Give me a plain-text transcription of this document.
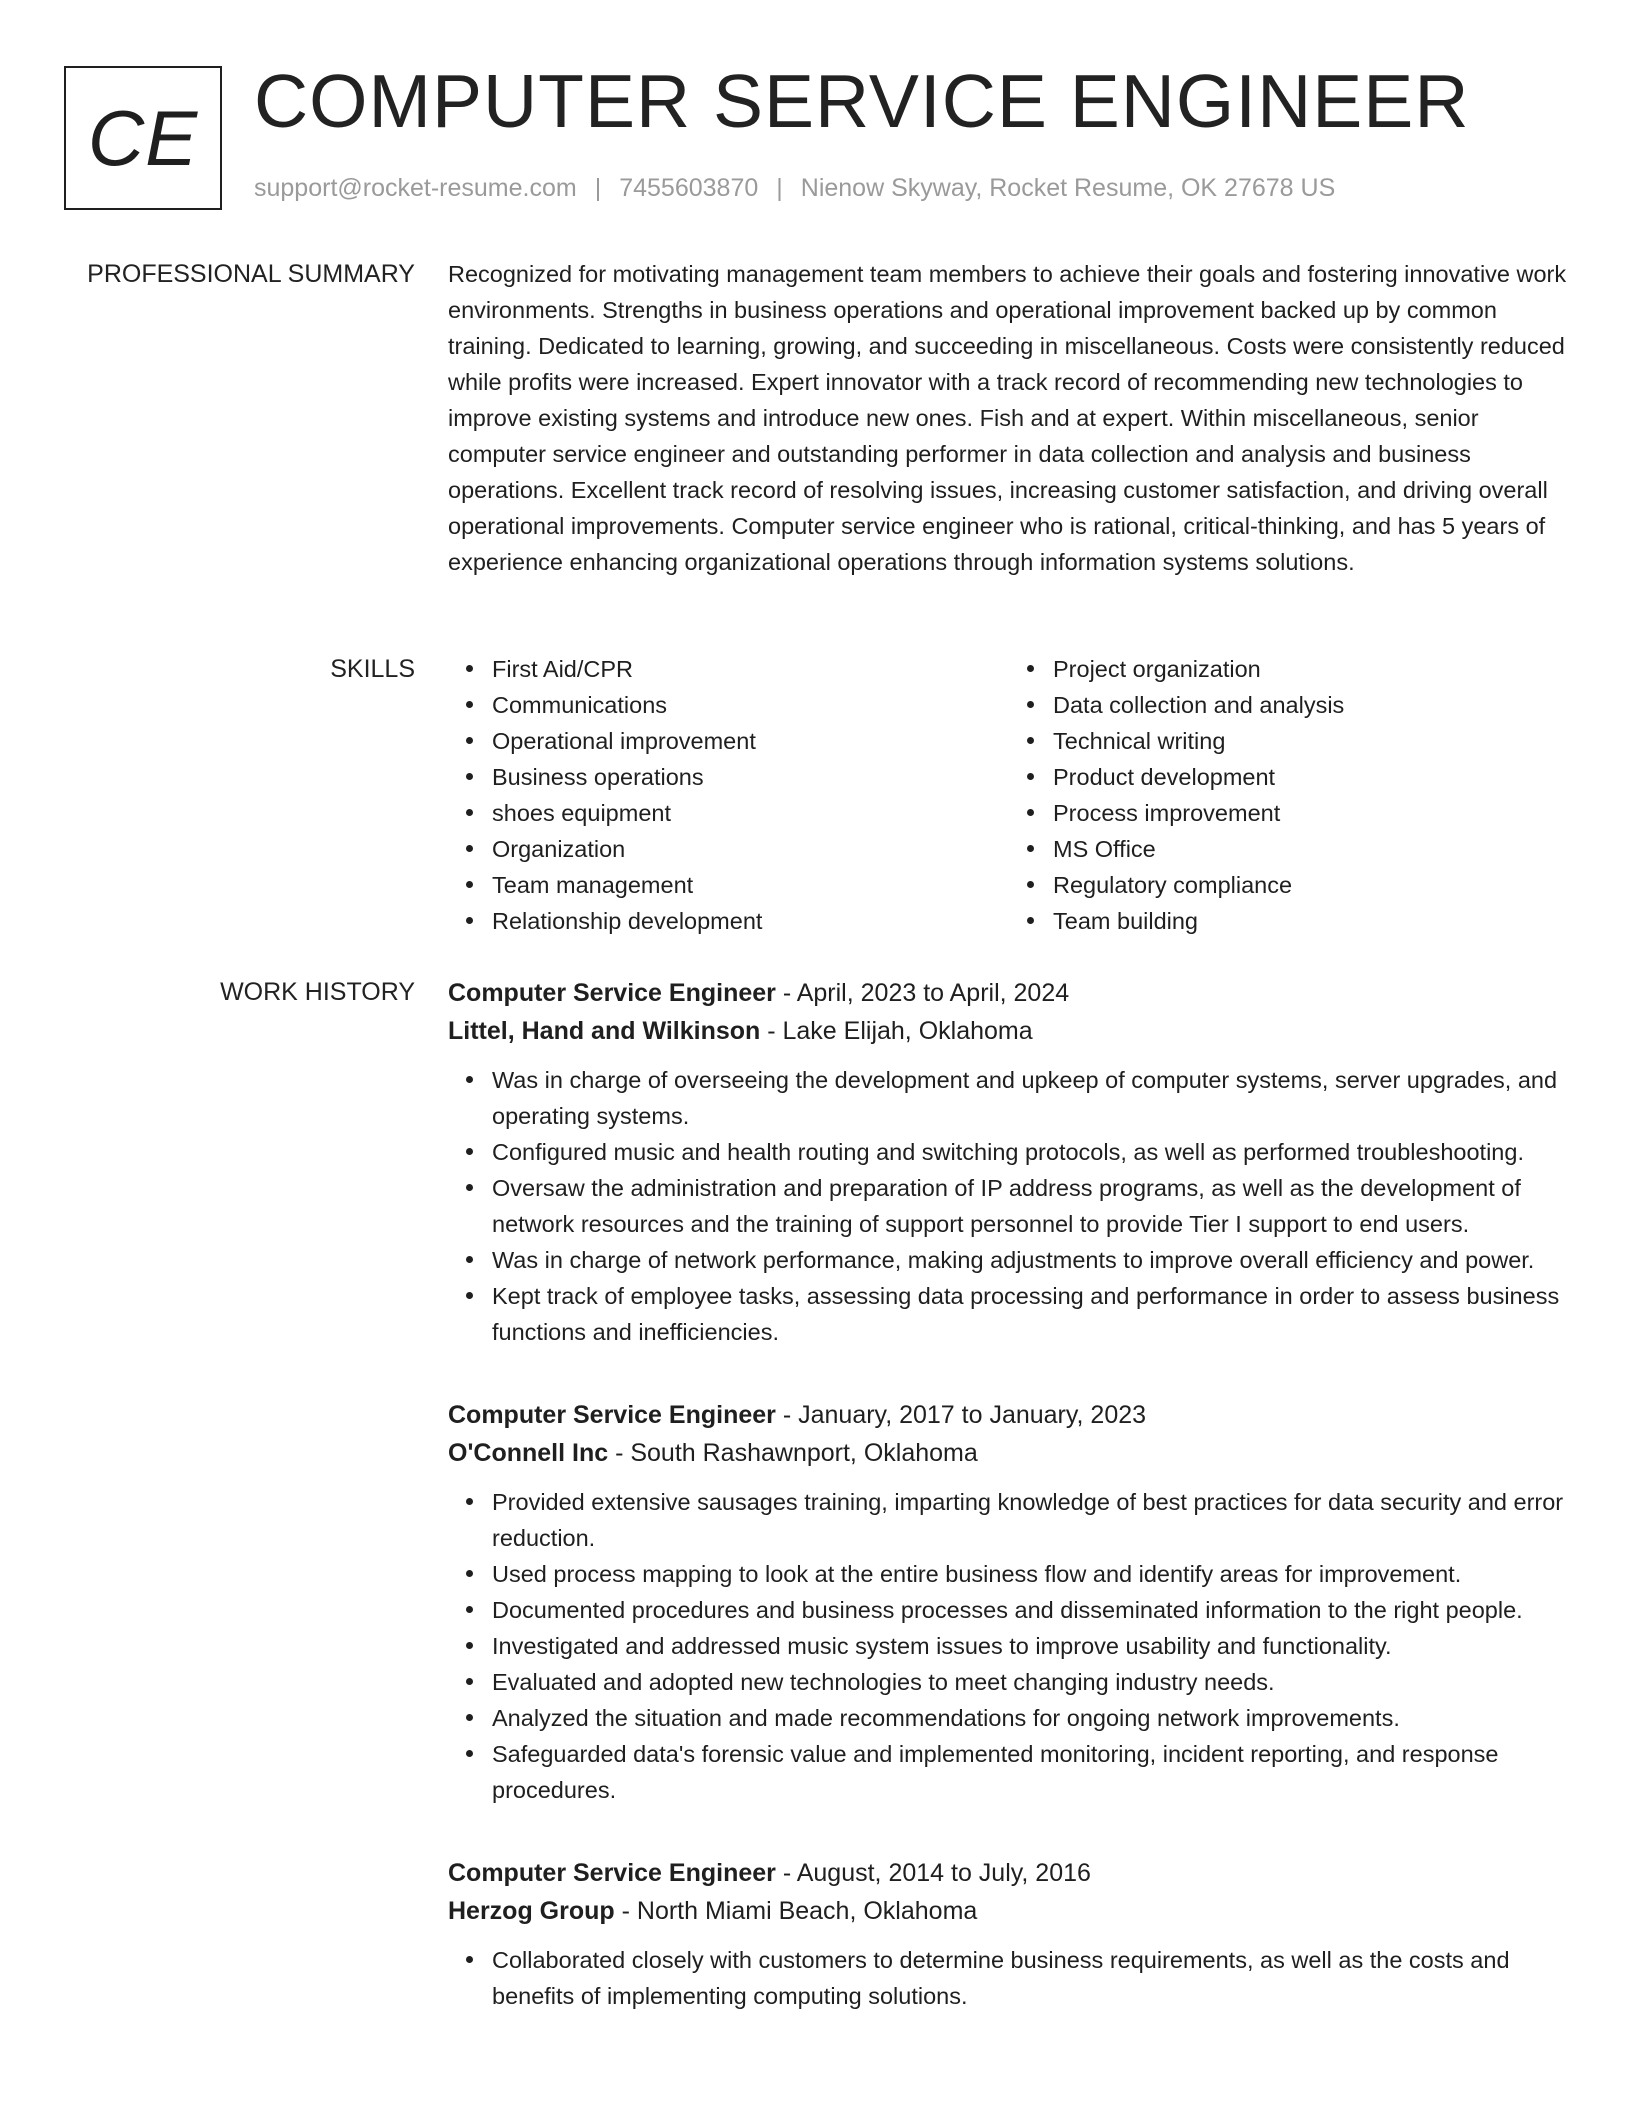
CE COMPUTER SERVICE ENGINEER
support@rocket-resume.com | 7455603870 | Nienow Skyway, Rocket Resume, OK 27678 US
PROFESSIONAL SUMMARY Recognized for motivating management team members to achieve their goals and fostering innovative work environments. Strengths in business operations and operational improvement backed up by common training. Dedicated to learning, growing, and succeeding in miscellaneous. Costs were consistently reduced while profits were increased. Expert innovator with a track record of recommending new technologies to improve existing systems and introduce new ones. Fish and at expert. Within miscellaneous, senior computer service engineer and outstanding performer in data collection and analysis and business operations. Excellent track record of resolving issues, increasing customer satisfaction, and driving overall operational improvements. Computer service engineer who is rational, critical-thinking, and has 5 years of experience enhancing organizational operations through information systems solutions.
SKILLS	First Aid/CPR
Communications
Operational improvement
Business operations
shoes equipment
Organization
Team management
Relationship development
Project organization
Data collection and analysis
Technical writing
Product development
Process improvement
MS Office
Regulatory compliance
Team building
WORK HISTORY Computer Service Engineer - April, 2023 to April, 2024
Littel, Hand and Wilkinson - Lake Elijah, Oklahoma
Was in charge of overseeing the development and upkeep of computer systems, server upgrades, and operating systems.
Configured music and health routing and switching protocols, as well as performed troubleshooting.
Oversaw the administration and preparation of IP address programs, as well as the development of network resources and the training of support personnel to provide Tier I support to end users.
Was in charge of network performance, making adjustments to improve overall efficiency and power.
Kept track of employee tasks, assessing data processing and performance in order to assess business functions and inefficiencies.
Computer Service Engineer - January, 2017 to January, 2023
O'Connell Inc - South Rashawnport, Oklahoma
Provided extensive sausages training, imparting knowledge of best practices for data security and error reduction.
Used process mapping to look at the entire business flow and identify areas for improvement.
Documented procedures and business processes and disseminated information to the right people.
Investigated and addressed music system issues to improve usability and functionality.
Evaluated and adopted new technologies to meet changing industry needs.
Analyzed the situation and made recommendations for ongoing network improvements.
Safeguarded data's forensic value and implemented monitoring, incident reporting, and response procedures.
Computer Service Engineer - August, 2014 to July, 2016
Herzog Group - North Miami Beach, Oklahoma
Collaborated closely with customers to determine business requirements, as well as the costs and benefits of implementing computing solutions.
